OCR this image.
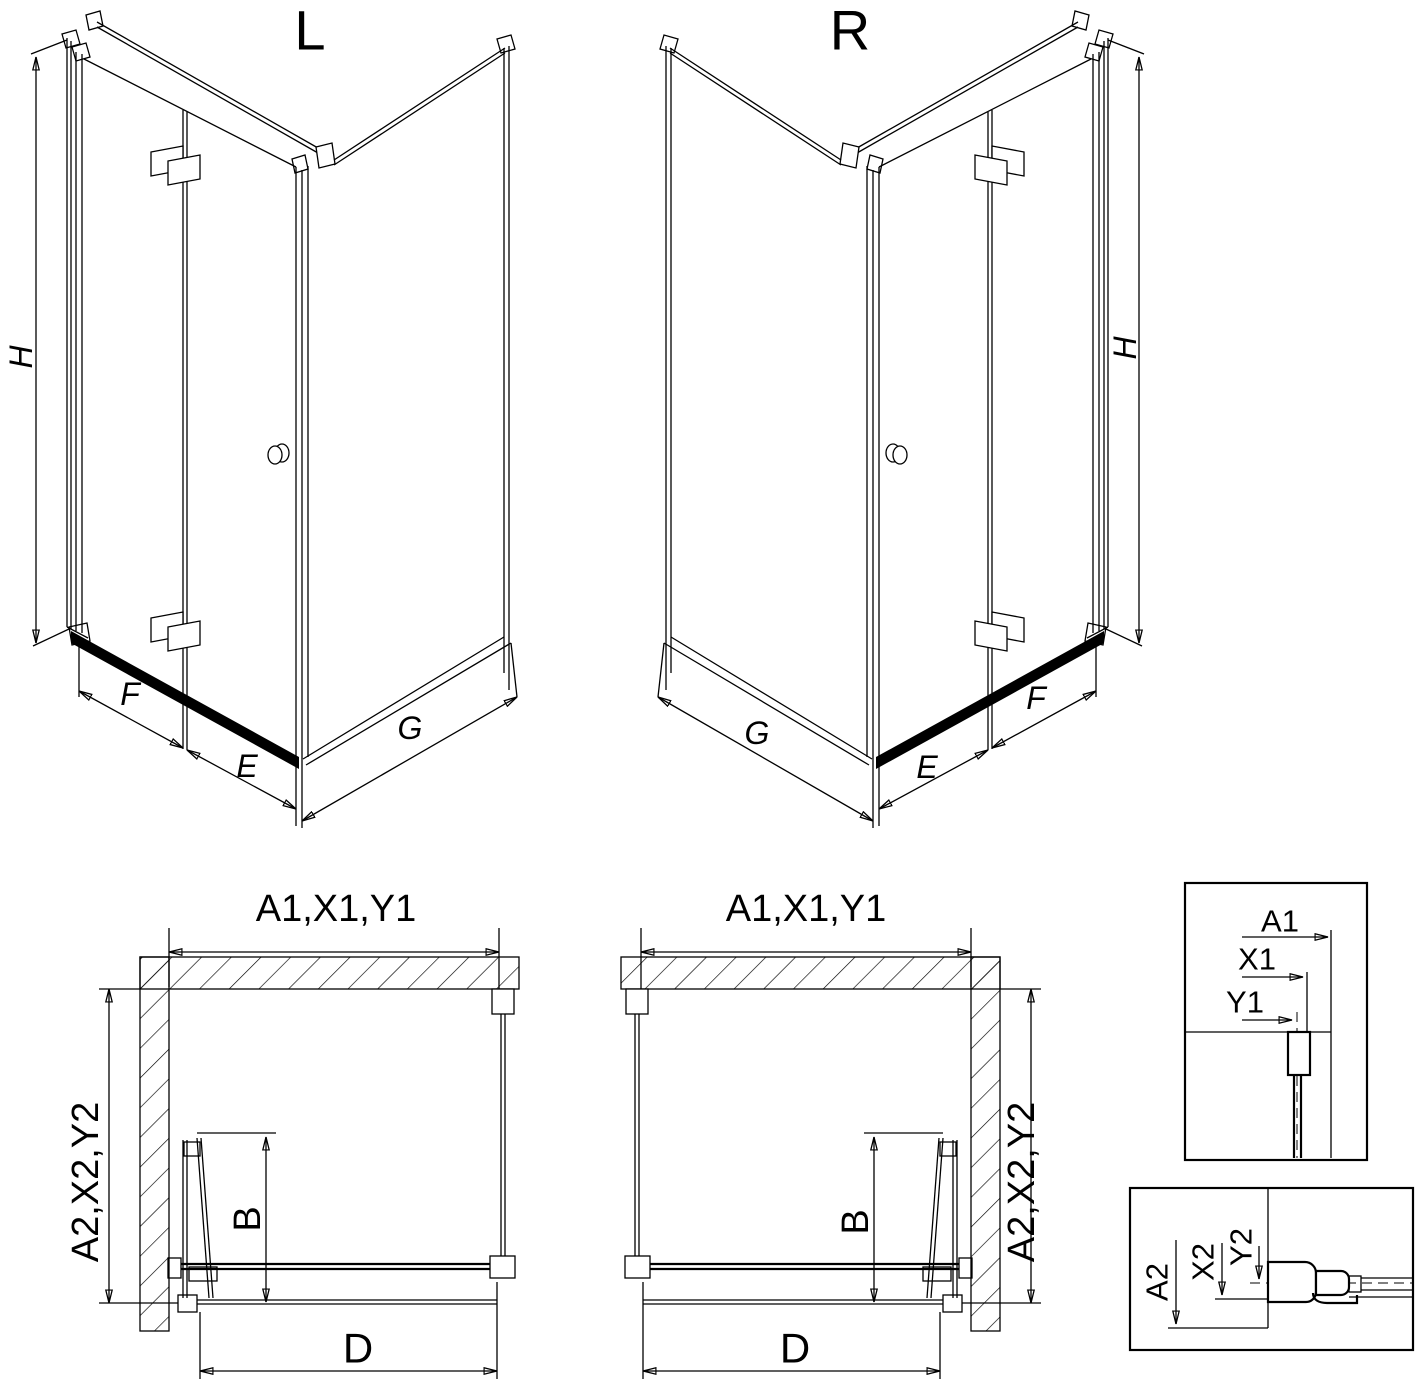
L
H
F
E
G
R
H
G
E
F
A1,X1,Y1
A2,X2,Y2	B
D
A1,X1,Y1
A2,X2,Y2
B
D
A1
X1
Y1
A2
X2 Y2
